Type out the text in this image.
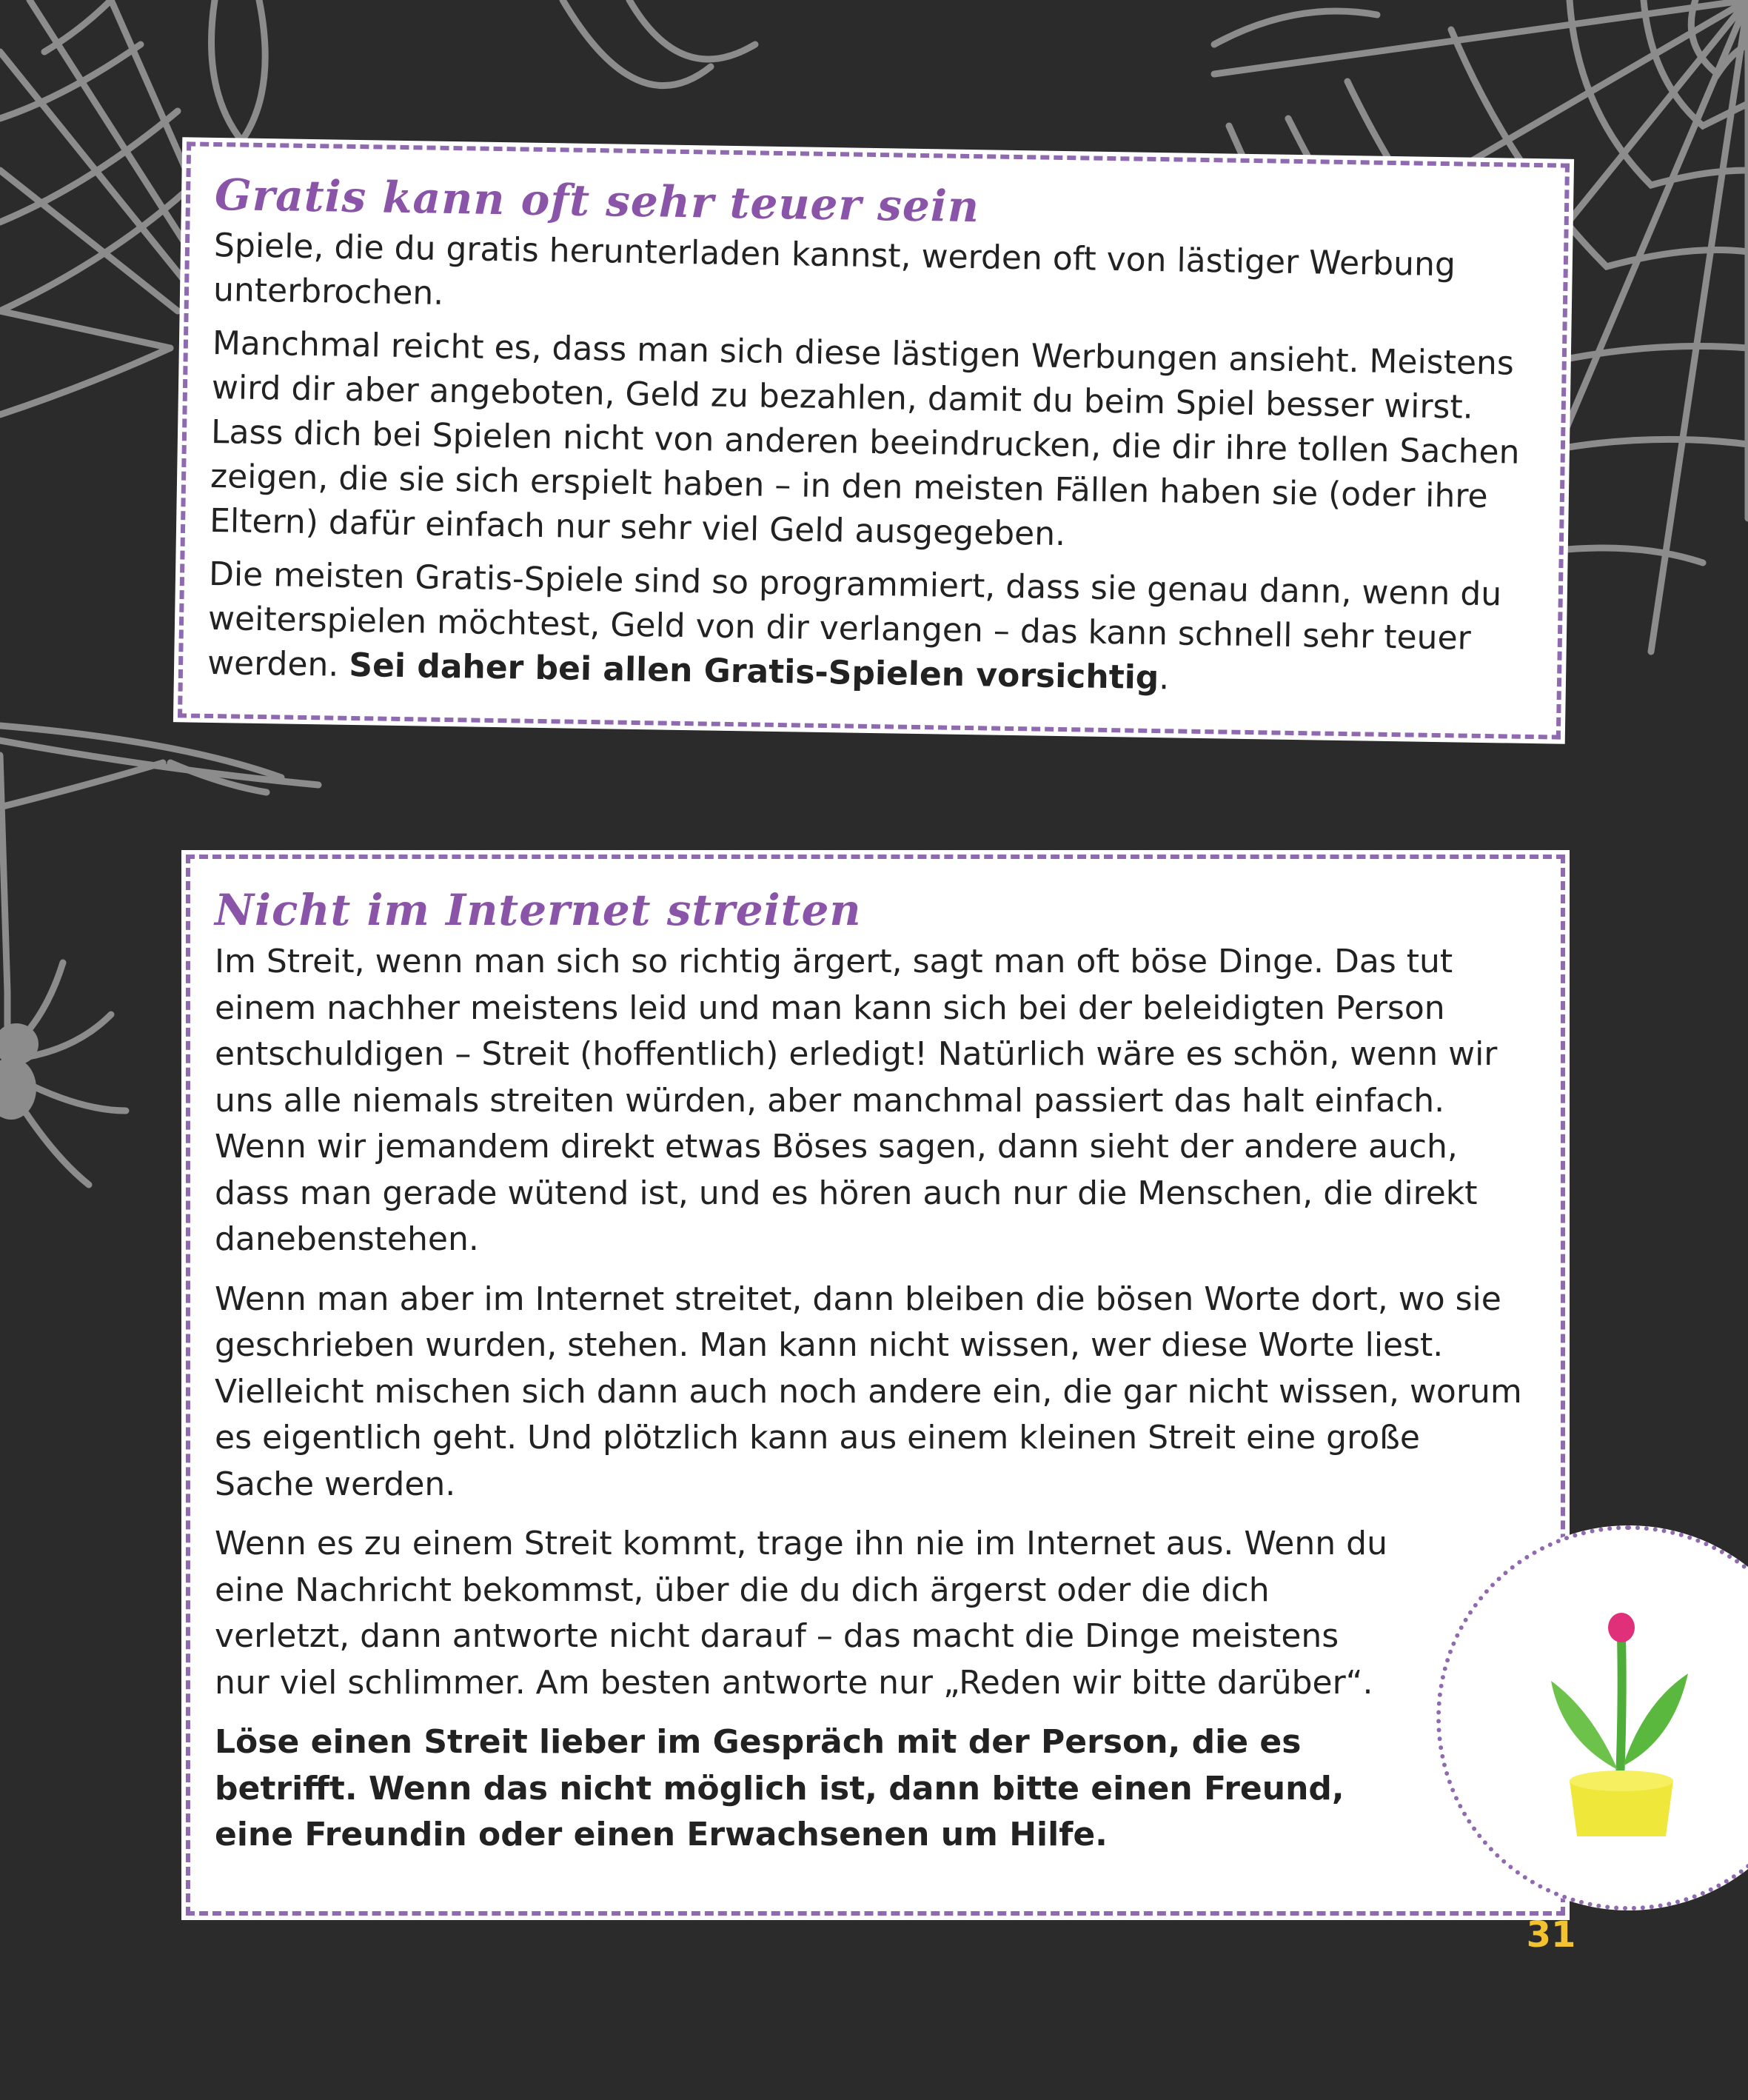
Gratis kann oft sehr teuer sein

Spiele, die du gratis herunterladen kannst, werden oft von lästiger Werbung unterbrochen.

Manchmal reicht es, dass man sich diese lästigen Werbungen ansieht. Meistens wird dir aber angeboten, Geld zu bezahlen, damit du beim Spiel besser wirst. Lass dich bei Spielen nicht von anderen beeindrucken, die dir ihre tollen Sachen zeigen, die sie sich erspielt haben – in den meisten Fällen haben sie (oder ihre Eltern) dafür einfach nur sehr viel Geld ausgegeben.

Die meisten Gratis-Spiele sind so programmiert, dass sie genau dann, wenn du weiterspielen möchtest, Geld von dir verlangen – das kann schnell sehr teuer werden. Sei daher bei allen Gratis-Spielen vorsichtig.

Nicht im Internet streiten

Im Streit, wenn man sich so richtig ärgert, sagt man oft böse Dinge. Das tut einem nachher meistens leid und man kann sich bei der beleidigten Person entschuldigen – Streit (hoffentlich) erledigt! Natürlich wäre es schön, wenn wir uns alle niemals streiten würden, aber manchmal passiert das halt einfach. Wenn wir jemandem direkt etwas Böses sagen, dann sieht der andere auch, dass man gerade wütend ist, und es hören auch nur die Menschen, die direkt danebenstehen.

Wenn man aber im Internet streitet, dann bleiben die bösen Worte dort, wo sie geschrieben wurden, stehen. Man kann nicht wissen, wer diese Worte liest. Vielleicht mischen sich dann auch noch andere ein, die gar nicht wissen, worum es eigentlich geht. Und plötzlich kann aus einem kleinen Streit eine große Sache werden.

Wenn es zu einem Streit kommt, trage ihn nie im Internet aus. Wenn du eine Nachricht bekommst, über die du dich ärgerst oder die dich verletzt, dann antworte nicht darauf – das macht die Dinge meistens nur viel schlimmer. Am besten antworte nur „Reden wir bitte darüber“.

Löse einen Streit lieber im Gespräch mit der Person, die es betrifft. Wenn das nicht möglich ist, dann bitte einen Freund, eine Freundin oder einen Erwachsenen um Hilfe.

31
